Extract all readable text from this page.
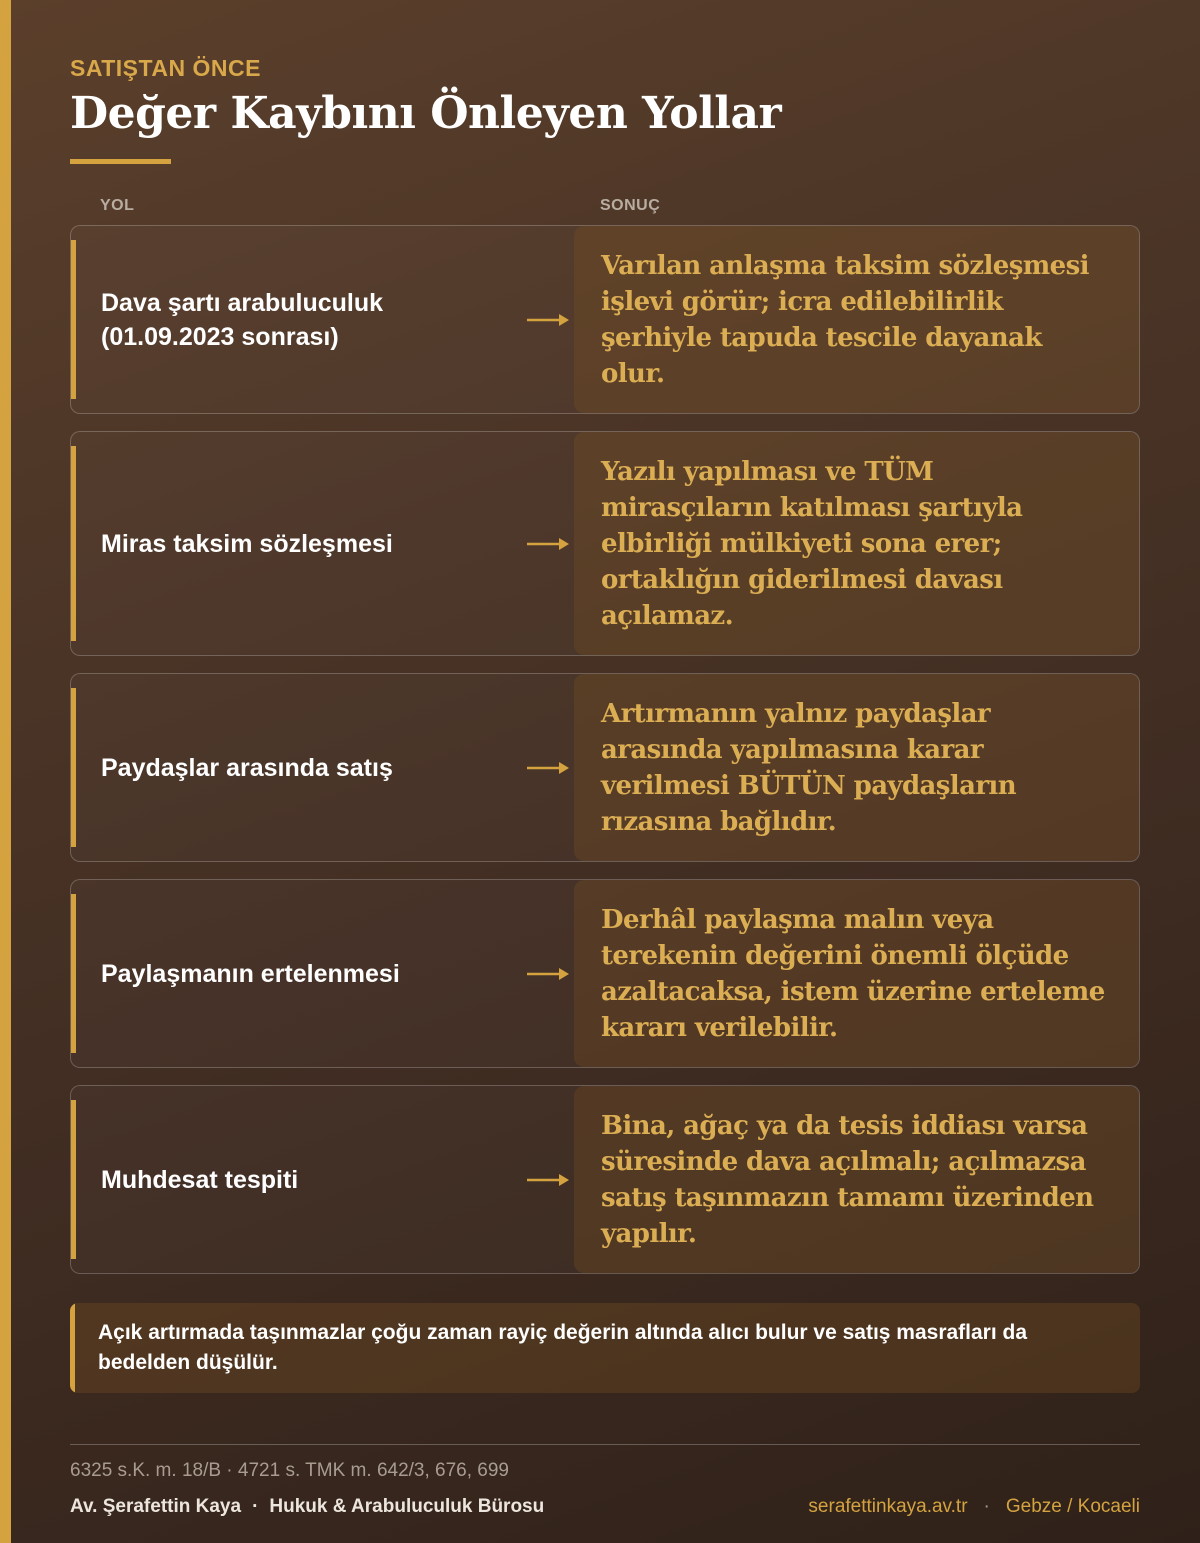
SATIŞTAN ÖNCE
Değer Kaybını Önleyen Yollar
YOL	SONUÇ
Varılan anlaşma taksim sözleşmesi işlevi görür; icra edilebilirlik şerhiyle tapuda tescile dayanak olur.
Dava şartı arabuluculuk (01.09.2023 sonrası)
Yazılı yapılması ve TÜM mirasçıların katılması şartıyla elbirliği mülkiyeti sona erer; ortaklığın giderilmesi davası açılamaz.
Miras taksim sözleşmesi
Artırmanın yalnız paydaşlar arasında yapılmasına karar verilmesi BÜTÜN paydaşların rızasına bağlıdır.
Paydaşlar arasında satış
Derhâl paylaşma malın veya terekenin değerini önemli ölçüde azaltacaksa, istem üzerine erteleme kararı verilebilir.
Paylaşmanın ertelenmesi
Bina, ağaç ya da tesis iddiası varsa süresinde dava açılmalı; açılmazsa satış taşınmazın tamamı üzerinden yapılır.
Muhdesat tespiti
Açık artırmada taşınmazlar çoğu zaman rayiç değerin altında alıcı bulur ve satış masrafları da bedelden düşülür.
6325 s.K. m. 18/B · 4721 s. TMK m. 642/3, 676, 699
Av. Şerafettin Kaya · Hukuk & Arabuluculuk Bürosu	serafettinkaya.av.tr · Gebze / Kocaeli
